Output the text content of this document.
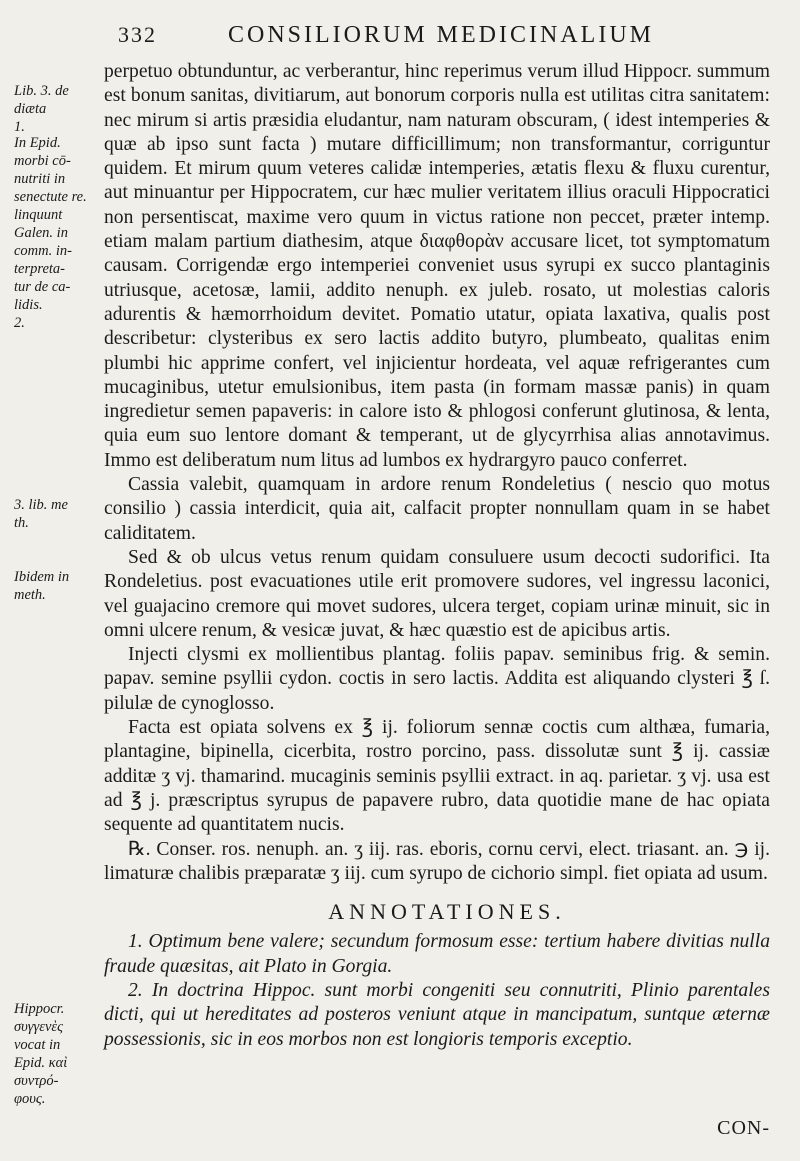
332	CONSILIORUM MEDICINALIUM
Lib. 3. de
diæta
1.
In Epid.
morbi cō-
nutriti in
senectute re.
linquunt
Galen. in
comm. in-
terpreta-
tur de ca-
lidis.
2.
3. lib. me
th.
Ibidem in
meth.
Hippocr.
συγγενὲς
vocat in
Epid. καὶ
συντρό-
φους.

perpetuo obtunduntur, ac verberantur, hinc reperimus verum illud Hippocr. summum est bonum sanitas, divitiarum, aut bonorum corporis nulla est utilitas citra sanitatem: nec mirum si artis præsidia eludantur, nam naturam obscuram, ( idest intemperies & quæ ab ipso sunt facta ) mutare difficillimum; non transformantur, corriguntur quidem. Et mirum quum veteres calidæ intemperies, ætatis flexu & fluxu curentur, aut minuantur per Hippocratem, cur hæc mulier veritatem illius oraculi Hippocratici non persentiscat, maxime vero quum in victus ratione non peccet, præter intemp. etiam malam partium diathesim, atque διαφθορὰν accusare licet, tot symptomatum causam. Corrigendæ ergo intemperiei conveniet usus syrupi ex succo plantaginis utriusque, acetosæ, lamii, addito nenuph. ex juleb. rosato, ut molestias caloris adurentis & hæmorrhoidum devitet. Pomatio utatur, opiata laxativa, qualis post describetur: clysteribus ex sero lactis addito butyro, plumbeato, qualitas enim plumbi hic apprime confert, vel injicientur hordeata, vel aquæ refrigerantes cum mucaginibus, utetur emulsionibus, item pasta (in formam massæ panis) in quam ingredietur semen papaveris: in calore isto & phlogosi conferunt glutinosa, & lenta, quia eum suo lentore domant & temperant, ut de glycyrrhisa alias annotavimus. Immo est deliberatum num litus ad lumbos ex hydrargyro pauco conferret.

Cassia valebit, quamquam in ardore renum Rondeletius ( nescio quo motus consilio ) cassia interdicit, quia ait, calfacit propter nonnullam quam in se habet caliditatem.

Sed & ob ulcus vetus renum quidam consuluere usum decocti sudorifici. Ita Rondeletius. post evacuationes utile erit promovere sudores, vel ingressu laconici, vel guajacino cremore qui movet sudores, ulcera terget, copiam urinæ minuit, sic in omni ulcere renum, & vesicæ juvat, & hæc quæstio est de apicibus artis.

Injecti clysmi ex mollientibus plantag. foliis papav. seminibus frig. & semin. papav. semine psyllii cydon. coctis in sero lactis. Addita est aliquando clysteri ℥ ſ. pilulæ de cynoglosso.

Facta est opiata solvens ex ℥ ij. foliorum sennæ coctis cum althæa, fumaria, plantagine, bipinella, cicerbita, rostro porcino, pass. dissolutæ sunt ℥ ij. cassiæ additæ ʒ vj. thamarind. mucaginis seminis psyllii extract. in aq. parietar. ʒ vj. usa est ad ℥ j. præscriptus syrupus de papavere rubro, data quotidie mane de hac opiata sequente ad quantitatem nucis.

℞. Conser. ros. nenuph. an. ʒ iij. ras. eboris, cornu cervi, elect. triasant. an. ℈ ij. limaturæ chalibis præparatæ ʒ iij. cum syrupo de cichorio simpl. fiet opiata ad usum.

ANNOTATIONES.

1. Optimum bene valere; secundum formosum esse: tertium habere divitias nulla fraude quæsitas, ait Plato in Gorgia.

2. In doctrina Hippoc. sunt morbi congeniti seu connutriti, Plinio parentales dicti, qui ut hereditates ad posteros veniunt atque in mancipatum, suntque æternæ possessionis, sic in eos morbos non est longioris temporis exceptio.

CON-
